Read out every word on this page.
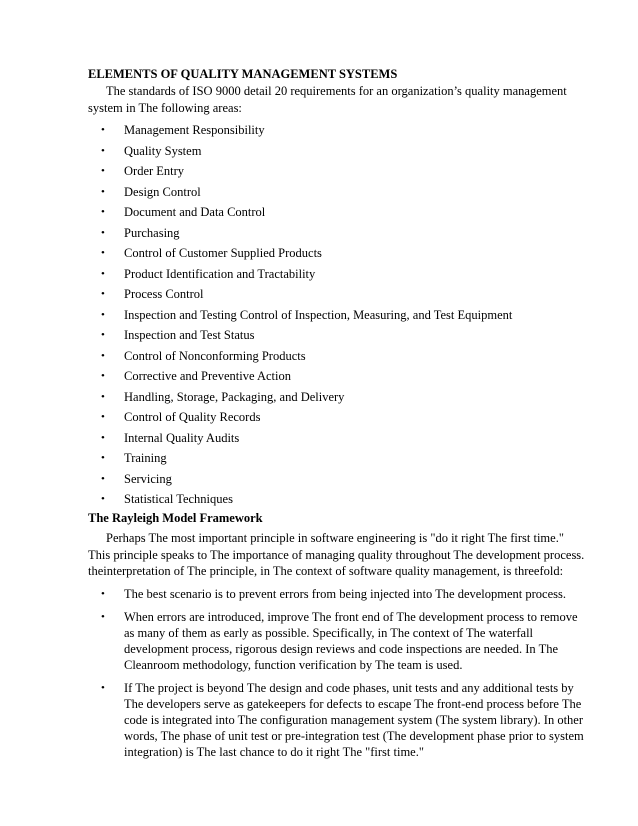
ELEMENTS OF QUALITY MANAGEMENT SYSTEMS

The standards of ISO 9000 detail 20 requirements for an organization’s quality management system in The following areas:

• Management Responsibility
• Quality System
• Order Entry
• Design Control
• Document and Data Control
• Purchasing
• Control of Customer Supplied Products
• Product Identification and Tractability
• Process Control
• Inspection and Testing Control of Inspection, Measuring, and Test Equipment
• Inspection and Test Status
• Control of Nonconforming Products
• Corrective and Preventive Action
• Handling, Storage, Packaging, and Delivery
• Control of Quality Records
• Internal Quality Audits
• Training
• Servicing
• Statistical Techniques

The Rayleigh Model Framework

Perhaps The most important principle in software engineering is "do it right The first time." This principle speaks to The importance of managing quality throughout The development process. theinterpretation of The principle, in The context of software quality management, is threefold:

• The best scenario is to prevent errors from being injected into The development process.
• When errors are introduced, improve The front end of The development process to remove as many of them as early as possible. Specifically, in The context of The waterfall development process, rigorous design reviews and code inspections are needed. In The Cleanroom methodology, function verification by The team is used.
• If The project is beyond The design and code phases, unit tests and any additional tests by The developers serve as gatekeepers for defects to escape The front-end process before The code is integrated into The configuration management system (The system library). In other words, The phase of unit test or pre-integration test (The development phase prior to system integration) is The last chance to do it right The "first time."
